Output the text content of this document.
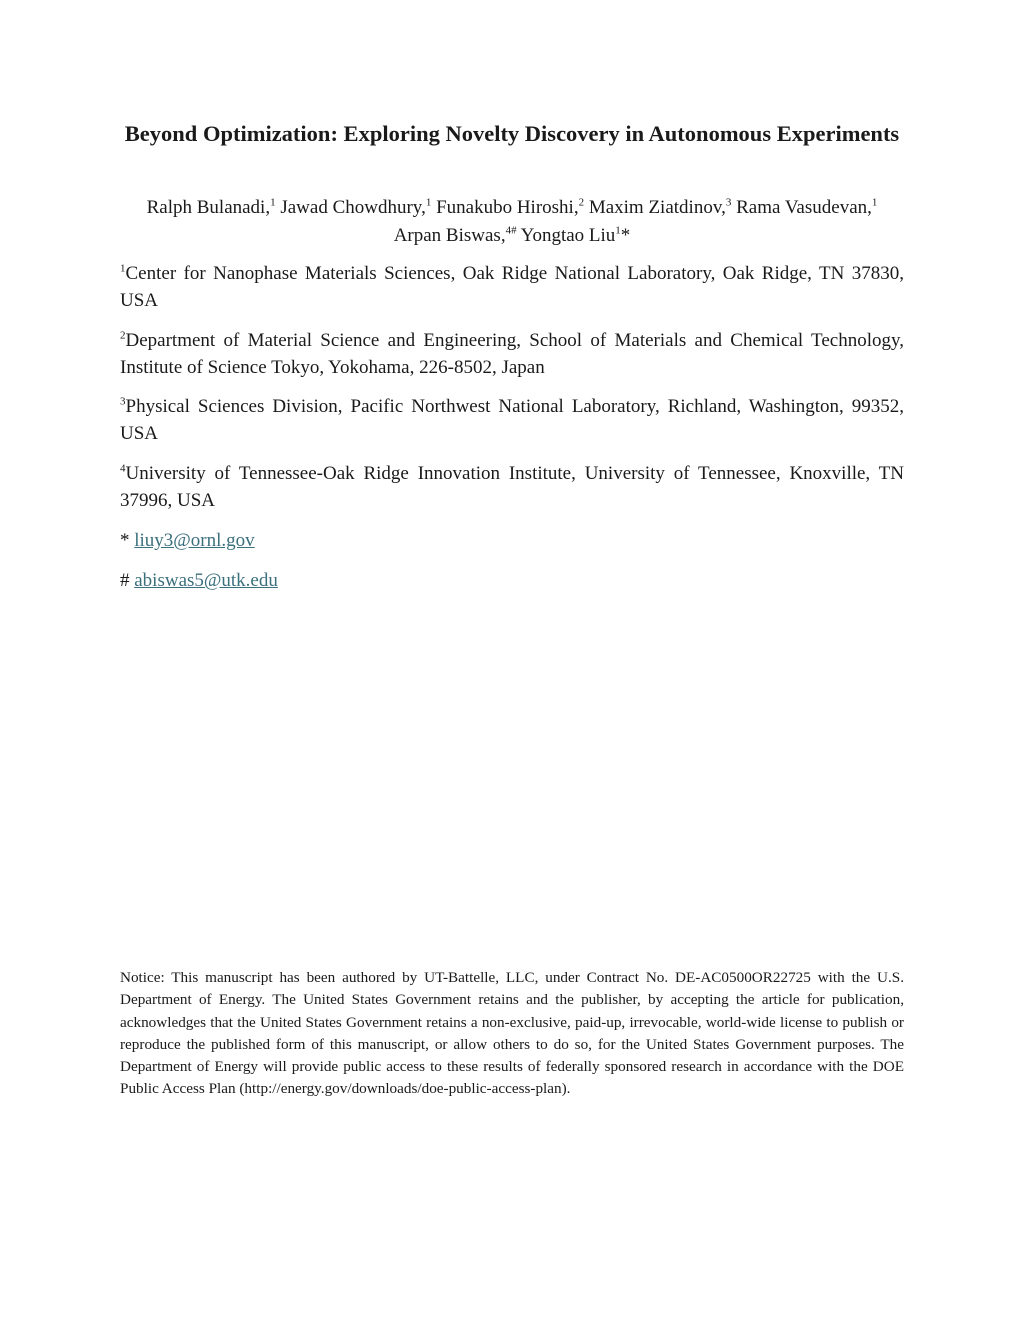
Beyond Optimization: Exploring Novelty Discovery in Autonomous Experiments
Ralph Bulanadi,$^1$ Jawad Chowdhury,$^1$ Funakubo Hiroshi,$^2$ Maxim Ziatdinov,$^3$ Rama Vasudevan,$^1$
Arpan Biswas,$^{4\#}$ Yongtao Liu$^1$*
$^1$Center for Nanophase Materials Sciences, Oak Ridge National Laboratory, Oak Ridge, TN 37830, USA
$^2$Department of Material Science and Engineering, School of Materials and Chemical Technology, Institute of Science Tokyo, Yokohama, 226-8502, Japan
$^3$Physical Sciences Division, Pacific Northwest National Laboratory, Richland, Washington, 99352, USA
$^4$University of Tennessee-Oak Ridge Innovation Institute, University of Tennessee, Knoxville, TN 37996, USA
* liuy3@ornl.gov
# abiswas5@utk.edu
Notice: This manuscript has been authored by UT-Battelle, LLC, under Contract No. DE-AC0500OR22725 with the U.S. Department of Energy. The United States Government retains and the publisher, by accepting the article for publication, acknowledges that the United States Government retains a non-exclusive, paid-up, irrevocable, world-wide license to publish or reproduce the published form of this manuscript, or allow others to do so, for the United States Government purposes. The Department of Energy will provide public access to these results of federally sponsored research in accordance with the DOE Public Access Plan (http://energy.gov/downloads/doe-public-access-plan).
